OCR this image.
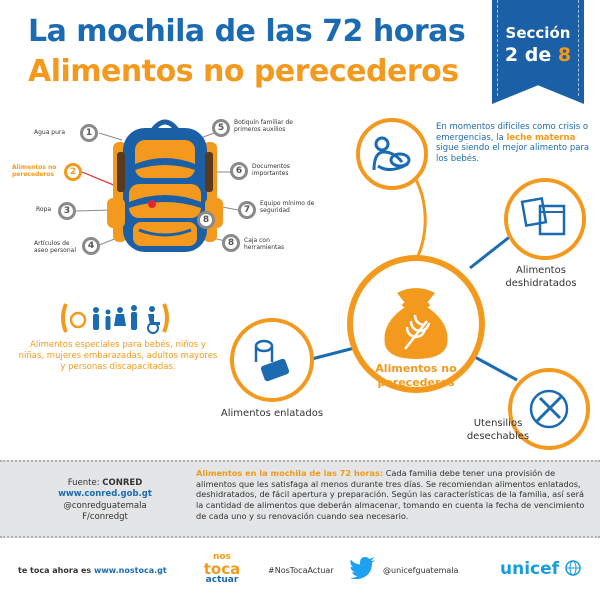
La mochila de las 72 horas
Alimentos no perecederos
Sección
2 de 8
Agua pura	1
Alimentos no perecederos	2
Ropa	3
Artículos de aseo personal	4
5
Botiquín familiar de primeros auxilios
6	Documentos importantes
7
Equipo mínimo de seguridad
8
8	Caja con herramientas
En momentos difíciles como crisis o emergencias, la leche materna sigue siendo el mejor alimento para los bebés.
Alimentos deshidratados
Alimentos no perecederos
Alimentos enlatados
Utensilios desechables
Alimentos especiales para bebés, niños y niñas, mujeres embarazadas, adultos mayores y personas discapacitadas.
Fuente: CONRED
www.conred.gob.gt
@conredguatemala
F/conredgt
Alimentos en la mochila de las 72 horas: Cada familia debe tener una provisión de alimentos que les satisfaga al menos durante tres días. Se recomiendan alimentos enlatados, deshidratados, de fácil apertura y preparación. Según las características de la familia, así será la cantidad de alimentos que deberán almacenar, tomando en cuenta la fecha de vencimiento de cada uno y su renovación cuando sea necesario.
te toca ahora es www.nostoca.gt
nos
toca
actuar
#NosTocaActuar	@unicefguatemala unicef
